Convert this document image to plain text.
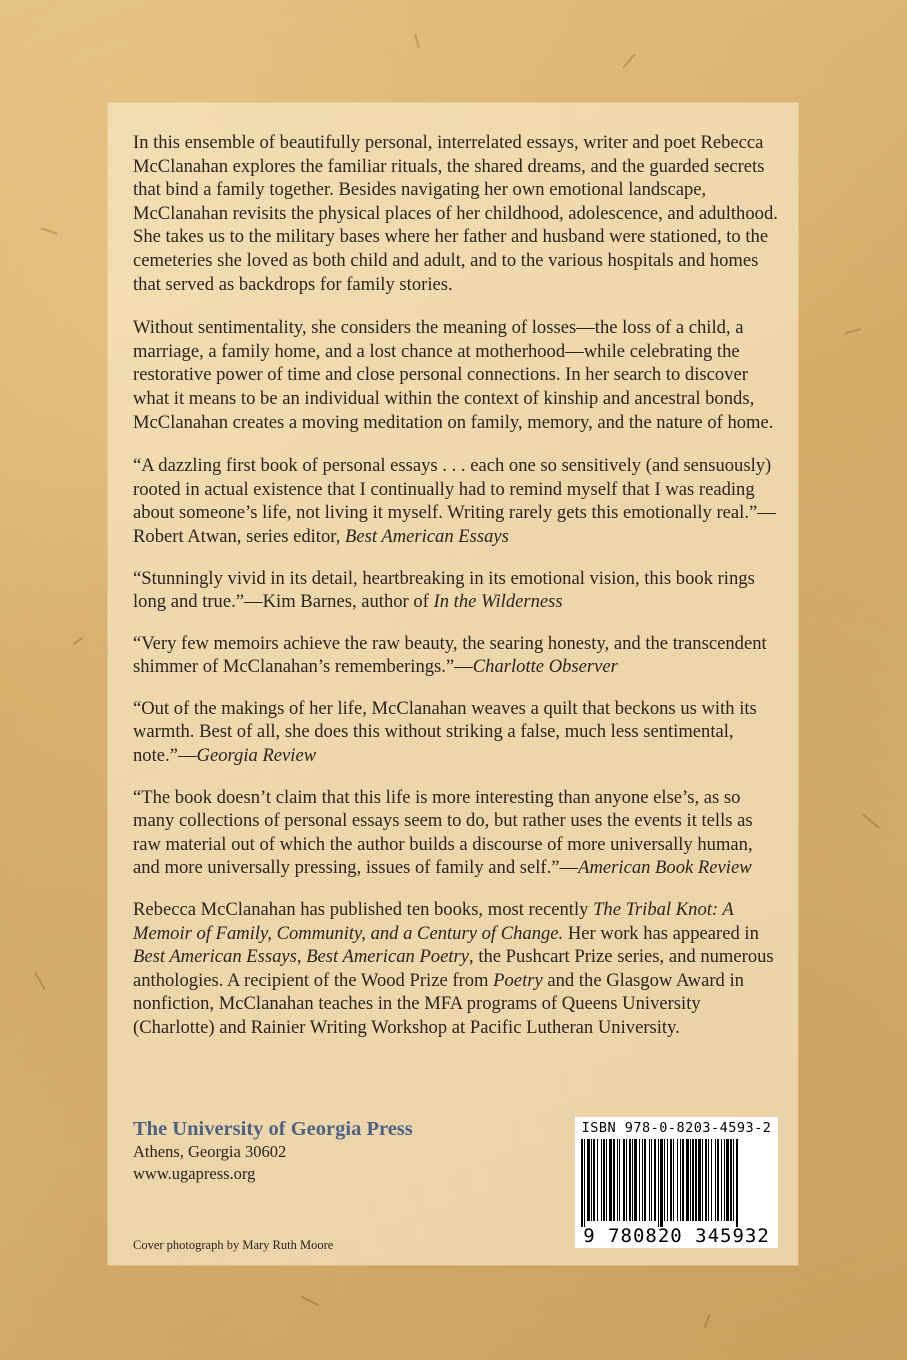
In this ensemble of beautifully personal, interrelated essays, writer and poet Rebecca McClanahan explores the familiar rituals, the shared dreams, and the guarded secrets that bind a family together. Besides navigating her own emotional landscape, McClanahan revisits the physical places of her childhood, adolescence, and adulthood. She takes us to the military bases where her father and husband were stationed, to the cemeteries she loved as both child and adult, and to the various hospitals and homes that served as backdrops for family stories.

Without sentimentality, she considers the meaning of losses—the loss of a child, a marriage, a family home, and a lost chance at motherhood—while celebrating the restorative power of time and close personal connections. In her search to discover what it means to be an individual within the context of kinship and ancestral bonds, McClanahan creates a moving meditation on family, memory, and the nature of home.

“A dazzling first book of personal essays . . . each one so sensitively (and sensuously) rooted in actual existence that I continually had to remind myself that I was reading about someone’s life, not living it myself. Writing rarely gets this emotionally real.”—Robert Atwan, series editor, Best American Essays

“Stunningly vivid in its detail, heartbreaking in its emotional vision, this book rings long and true.”—Kim Barnes, author of In the Wilderness

“Very few memoirs achieve the raw beauty, the searing honesty, and the transcendent shimmer of McClanahan’s rememberings.”—Charlotte Observer

“Out of the makings of her life, McClanahan weaves a quilt that beckons us with its warmth. Best of all, she does this without striking a false, much less sentimental, note.”—Georgia Review

“The book doesn’t claim that this life is more interesting than anyone else’s, as so many collections of personal essays seem to do, but rather uses the events it tells as raw material out of which the author builds a discourse of more universally human, and more universally pressing, issues of family and self.”—American Book Review

Rebecca McClanahan has published ten books, most recently The Tribal Knot: A Memoir of Family, Community, and a Century of Change. Her work has appeared in Best American Essays, Best American Poetry, the Pushcart Prize series, and numerous anthologies. A recipient of the Wood Prize from Poetry and the Glasgow Award in nonfiction, McClanahan teaches in the MFA programs of Queens University (Charlotte) and Rainier Writing Workshop at Pacific Lutheran University.

The University of Georgia Press
Athens, Georgia 30602
www.ugapress.org
Cover photograph by Mary Ruth Moore
ISBN 978-0-8203-4593-2
9 780820 345932
